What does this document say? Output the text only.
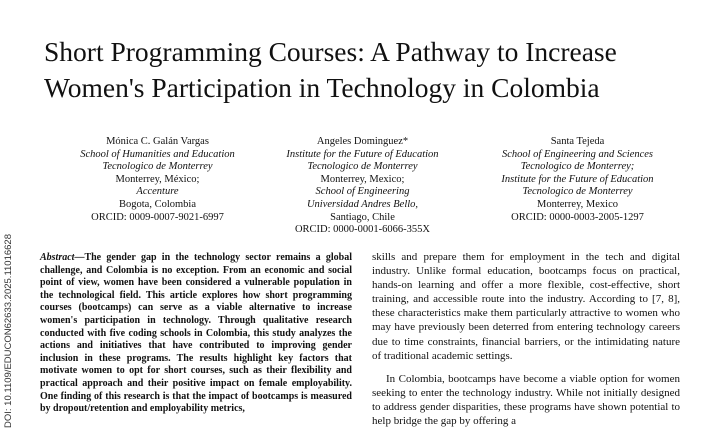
DOI: 10.1109/EDUCON62633.2025.11016628
Short Programming Courses: A Pathway to Increase
Women's Participation in Technology in Colombia
Mónica C. Galán Vargas
School of Humanities and Education
Tecnologico de Monterrey
Monterrey, México;
Accenture
Bogota, Colombia
ORCID: 0009-0007-9021-6997
Angeles Dominguez*
Institute for the Future of Education
Tecnologico de Monterrey
Monterrey, Mexico;
School of Engineering
Universidad Andres Bello,
Santiago, Chile
ORCID: 0000-0001-6066-355X
Santa Tejeda
School of Engineering and Sciences
Tecnologico de Monterrey;
Institute for the Future of Education
Tecnologico de Monterrey
Monterrey, Mexico
ORCID: 0000-0003-2005-1297
Abstract—The gender gap in the technology sector remains a global challenge, and Colombia is no exception. From an economic and social point of view, women have been considered a vulnerable population in the technological field. This article explores how short programming courses (bootcamps) can serve as a viable alternative to increase women's participation in technology. Through qualitative research conducted with five coding schools in Colombia, this study analyzes the actions and initiatives that have contributed to improving gender inclusion in these programs. The results highlight key factors that motivate women to opt for short courses, such as their flexibility and practical approach and their positive impact on female employability. One finding of this research is that the impact of bootcamps is measured by dropout/retention and employability metrics,

skills and prepare them for employment in the tech and digital industry. Unlike formal education, bootcamps focus on practical, hands-on learning and offer a more flexible, cost-effective, short training, and accessible route into the industry. According to [7, 8], these characteristics make them particularly attractive to women who may have previously been deterred from entering technology careers due to time constraints, financial barriers, or the intimidating nature of traditional academic settings.

In Colombia, bootcamps have become a viable option for women seeking to enter the technology industry. While not initially designed to address gender disparities, these programs have shown potential to help bridge the gap by offering a
